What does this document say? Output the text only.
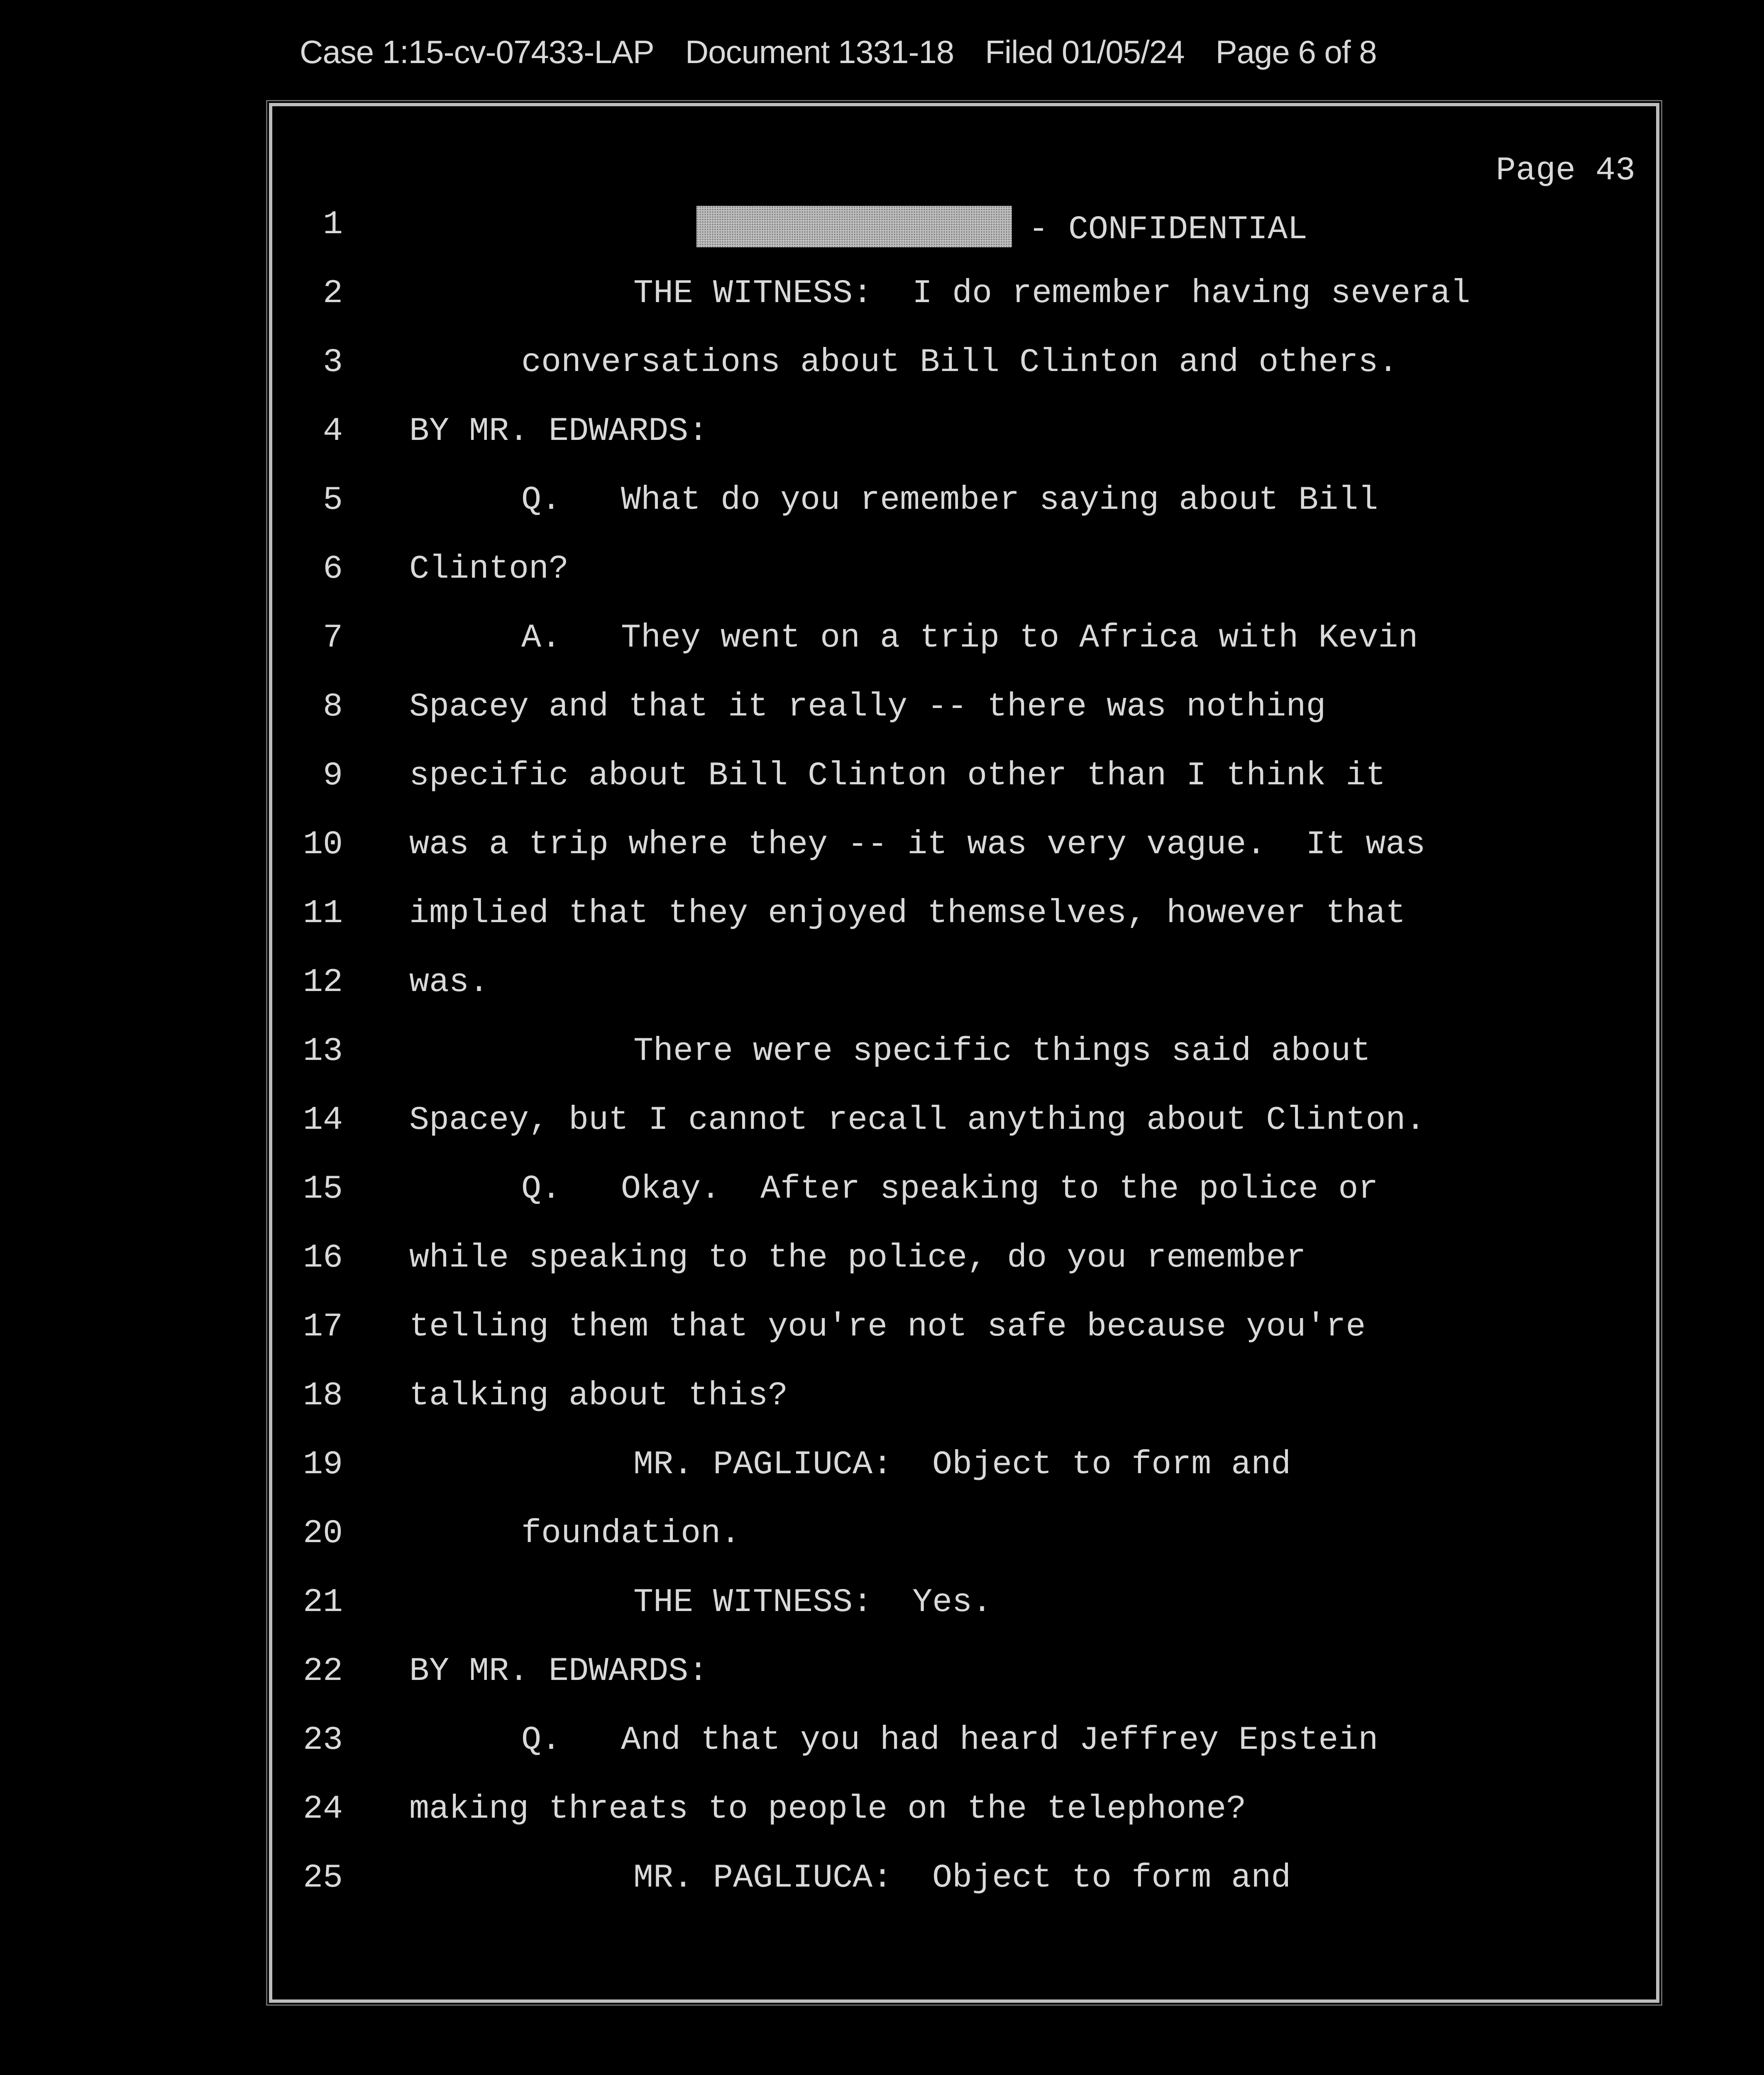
Case 1:15-cv-07433-LAP Document 1331-18 Filed 01/05/24 Page 6 of 8
Page 43
1	- CONFIDENTIAL
2	THE WITNESS:  I do remember having several
3	conversations about Bill Clinton and others.
4 BY MR. EDWARDS:
5	Q.   What do you remember saying about Bill
6 Clinton?
7	A.   They went on a trip to Africa with Kevin
8 Spacey and that it really -- there was nothing
9 specific about Bill Clinton other than I think it
10 was a trip where they -- it was very vague.  It was
11 implied that they enjoyed themselves, however that
12 was.
13	There were specific things said about
14 Spacey, but I cannot recall anything about Clinton.
15	Q.   Okay.  After speaking to the police or
16 while speaking to the police, do you remember
17 telling them that you're not safe because you're
18 talking about this?
19	MR. PAGLIUCA:  Object to form and
20	foundation.
21	THE WITNESS:  Yes.
22 BY MR. EDWARDS:
23	Q.   And that you had heard Jeffrey Epstein
24 making threats to people on the telephone?
25	MR. PAGLIUCA:  Object to form and
